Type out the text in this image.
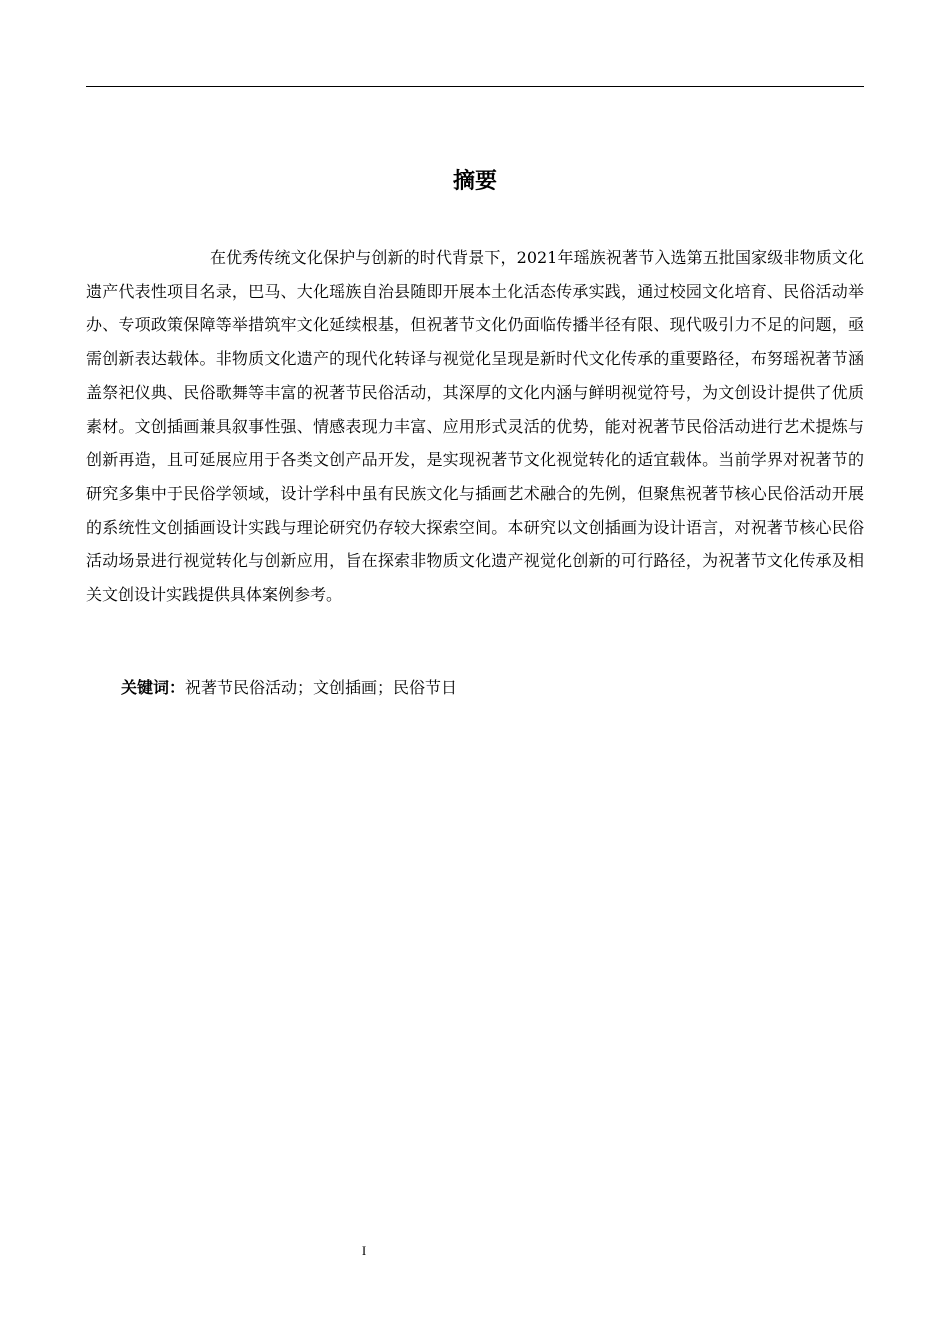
摘要

在优秀传统文化保护与创新的时代背景下，2021年瑶族祝著节入选第五批国家级非物质文化遗产代表性项目名录，巴马、大化瑶族自治县随即开展本土化活态传承实践，通过校园文化培育、民俗活动举办、专项政策保障等举措筑牢文化延续根基，但祝著节文化仍面临传播半径有限、现代吸引力不足的问题，亟需创新表达载体。非物质文化遗产的现代化转译与视觉化呈现是新时代文化传承的重要路径，布努瑶祝著节涵盖祭祀仪典、民俗歌舞等丰富的祝著节民俗活动，其深厚的文化内涵与鲜明视觉符号，为文创设计提供了优质素材。文创插画兼具叙事性强、情感表现力丰富、应用形式灵活的优势，能对祝著节民俗活动进行艺术提炼与创新再造，且可延展应用于各类文创产品开发，是实现祝著节文化视觉转化的适宜载体。当前学界对祝著节的研究多集中于民俗学领域，设计学科中虽有民族文化与插画艺术融合的先例，但聚焦祝著节核心民俗活动开展的系统性文创插画设计实践与理论研究仍存较大探索空间。本研究以文创插画为设计语言，对祝著节核心民俗活动场景进行视觉转化与创新应用，旨在探索非物质文化遗产视觉化创新的可行路径，为祝著节文化传承及相关文创设计实践提供具体案例参考。

关键词：祝著节民俗活动；文创插画；民俗节日
I
